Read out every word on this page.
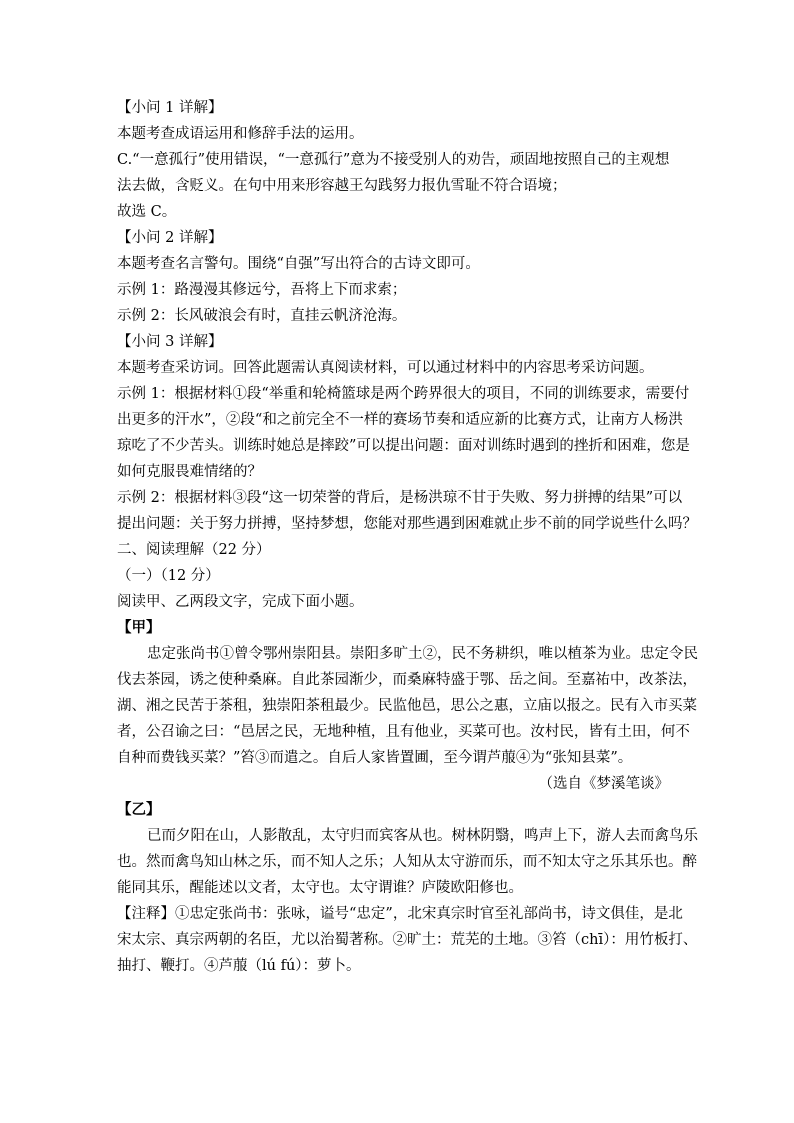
【小问 1 详解】
本题考查成语运用和修辞手法的运用。
C.“一意孤行”使用错误，“一意孤行”意为不接受别人的劝告，顽固地按照自己的主观想
法去做，含贬义。在句中用来形容越王勾践努力报仇雪耻不符合语境；
故选 C。
【小问 2 详解】
本题考查名言警句。围绕“自强”写出符合的古诗文即可。
示例 1：路漫漫其修远兮，吾将上下而求索；
示例 2：长风破浪会有时，直挂云帆济沧海。
【小问 3 详解】
本题考查采访词。回答此题需认真阅读材料，可以通过材料中的内容思考采访问题。
示例 1：根据材料①段“举重和轮椅篮球是两个跨界很大的项目，不同的训练要求，需要付
出更多的汗水”，②段“和之前完全不一样的赛场节奏和适应新的比赛方式，让南方人杨洪
琼吃了不少苦头。训练时她总是摔跤”可以提出问题：面对训练时遇到的挫折和困难，您是
如何克服畏难情绪的？
示例 2：根据材料③段“这一切荣誉的背后，是杨洪琼不甘于失败、努力拼搏的结果”可以
提出问题：关于努力拼搏，坚持梦想，您能对那些遇到困难就止步不前的同学说些什么吗？
二、阅读理解（22 分）
（一）（12 分）
阅读甲、乙两段文字，完成下面小题。
【甲】
忠定张尚书①曾令鄂州崇阳县。崇阳多旷土②，民不务耕织，唯以植茶为业。忠定令民
伐去茶园，诱之使种桑麻。自此茶园渐少，而桑麻特盛于鄂、岳之间。至嘉祐中，改茶法，
湖、湘之民苦于茶租，独崇阳茶租最少。民监他邑，思公之惠，立庙以报之。民有入市买菜
者，公召谕之曰：“邑居之民，无地种植，且有他业，买菜可也。汝村民，皆有土田，何不
自种而费钱买菜？”笞③而遣之。自后人家皆置圃，至今谓芦菔④为“张知县菜”。
（选自《梦溪笔谈》
【乙】
已而夕阳在山，人影散乱，太守归而宾客从也。树林阴翳，鸣声上下，游人去而禽鸟乐
也。然而禽鸟知山林之乐，而不知人之乐；人知从太守游而乐，而不知太守之乐其乐也。醉
能同其乐，醒能述以文者，太守也。太守谓谁？庐陵欧阳修也。
【注释】①忠定张尚书：张咏，谥号“忠定”，北宋真宗时官至礼部尚书，诗文俱佳，是北
宋太宗、真宗两朝的名臣，尤以治蜀著称。②旷土：荒芜的土地。③笞（chī）：用竹板打、
抽打、鞭打。④芦菔（lú fú）：萝卜。
